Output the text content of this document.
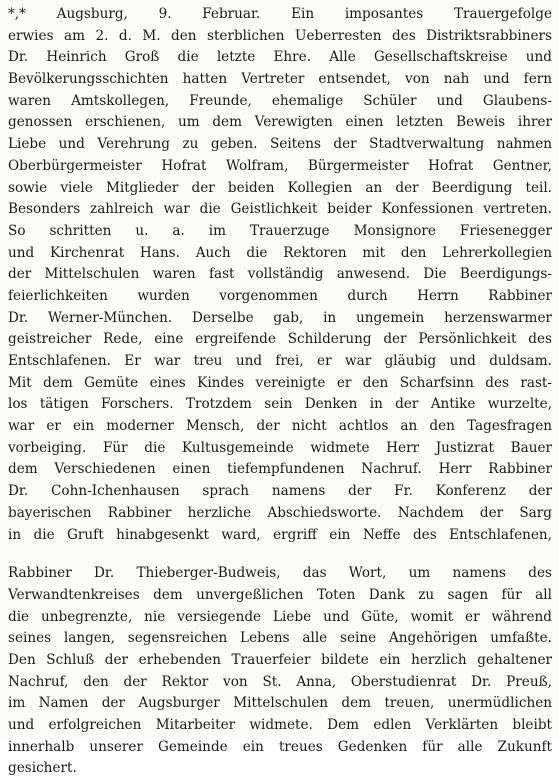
*,* Augsburg, 9. Februar. Ein imposantes Trauergefolge
erwies am 2. d. M. den sterblichen Ueberresten des Distriktsrabbiners
Dr. Heinrich Groß die letzte Ehre. Alle Gesellschaftskreise und
Bevölkerungsschichten hatten Vertreter entsendet, von nah und fern
waren Amtskollegen, Freunde, ehemalige Schüler und Glaubens-
genossen erschienen, um dem Verewigten einen letzten Beweis ihrer
Liebe und Verehrung zu geben. Seitens der Stadtverwaltung nahmen
Oberbürgermeister Hofrat Wolfram, Bürgermeister Hofrat Gentner,
sowie viele Mitglieder der beiden Kollegien an der Beerdigung teil.
Besonders zahlreich war die Geistlichkeit beider Konfessionen vertreten.
So schritten u. a. im Trauerzuge Monsignore Friesenegger
und Kirchenrat Hans. Auch die Rektoren mit den Lehrerkollegien
der Mittelschulen waren fast vollständig anwesend. Die Beerdigungs-
feierlichkeiten wurden vorgenommen durch Herrn Rabbiner
Dr. Werner-München. Derselbe gab, in ungemein herzenswarmer
geistreicher Rede, eine ergreifende Schilderung der Persönlichkeit des
Entschlafenen. Er war treu und frei, er war gläubig und duldsam.
Mit dem Gemüte eines Kindes vereinigte er den Scharfsinn des rast-
los tätigen Forschers. Trotzdem sein Denken in der Antike wurzelte,
war er ein moderner Mensch, der nicht achtlos an den Tagesfragen
vorbeiging. Für die Kultusgemeinde widmete Herr Justizrat Bauer
dem Verschiedenen einen tiefempfundenen Nachruf. Herr Rabbiner
Dr. Cohn-Ichenhausen sprach namens der Fr. Konferenz der
bayerischen Rabbiner herzliche Abschiedsworte. Nachdem der Sarg
in die Gruft hinabgesenkt ward, ergriff ein Neffe des Entschlafenen,
Rabbiner Dr. Thieberger-Budweis, das Wort, um namens des
Verwandtenkreises dem unvergeßlichen Toten Dank zu sagen für all
die unbegrenzte, nie versiegende Liebe und Güte, womit er während
seines langen, segensreichen Lebens alle seine Angehörigen umfaßte.
Den Schluß der erhebenden Trauerfeier bildete ein herzlich gehaltener
Nachruf, den der Rektor von St. Anna, Oberstudienrat Dr. Preuß,
im Namen der Augsburger Mittelschulen dem treuen, unermüdlichen
und erfolgreichen Mitarbeiter widmete. Dem edlen Verklärten bleibt
innerhalb unserer Gemeinde ein treues Gedenken für alle Zukunft
gesichert.
